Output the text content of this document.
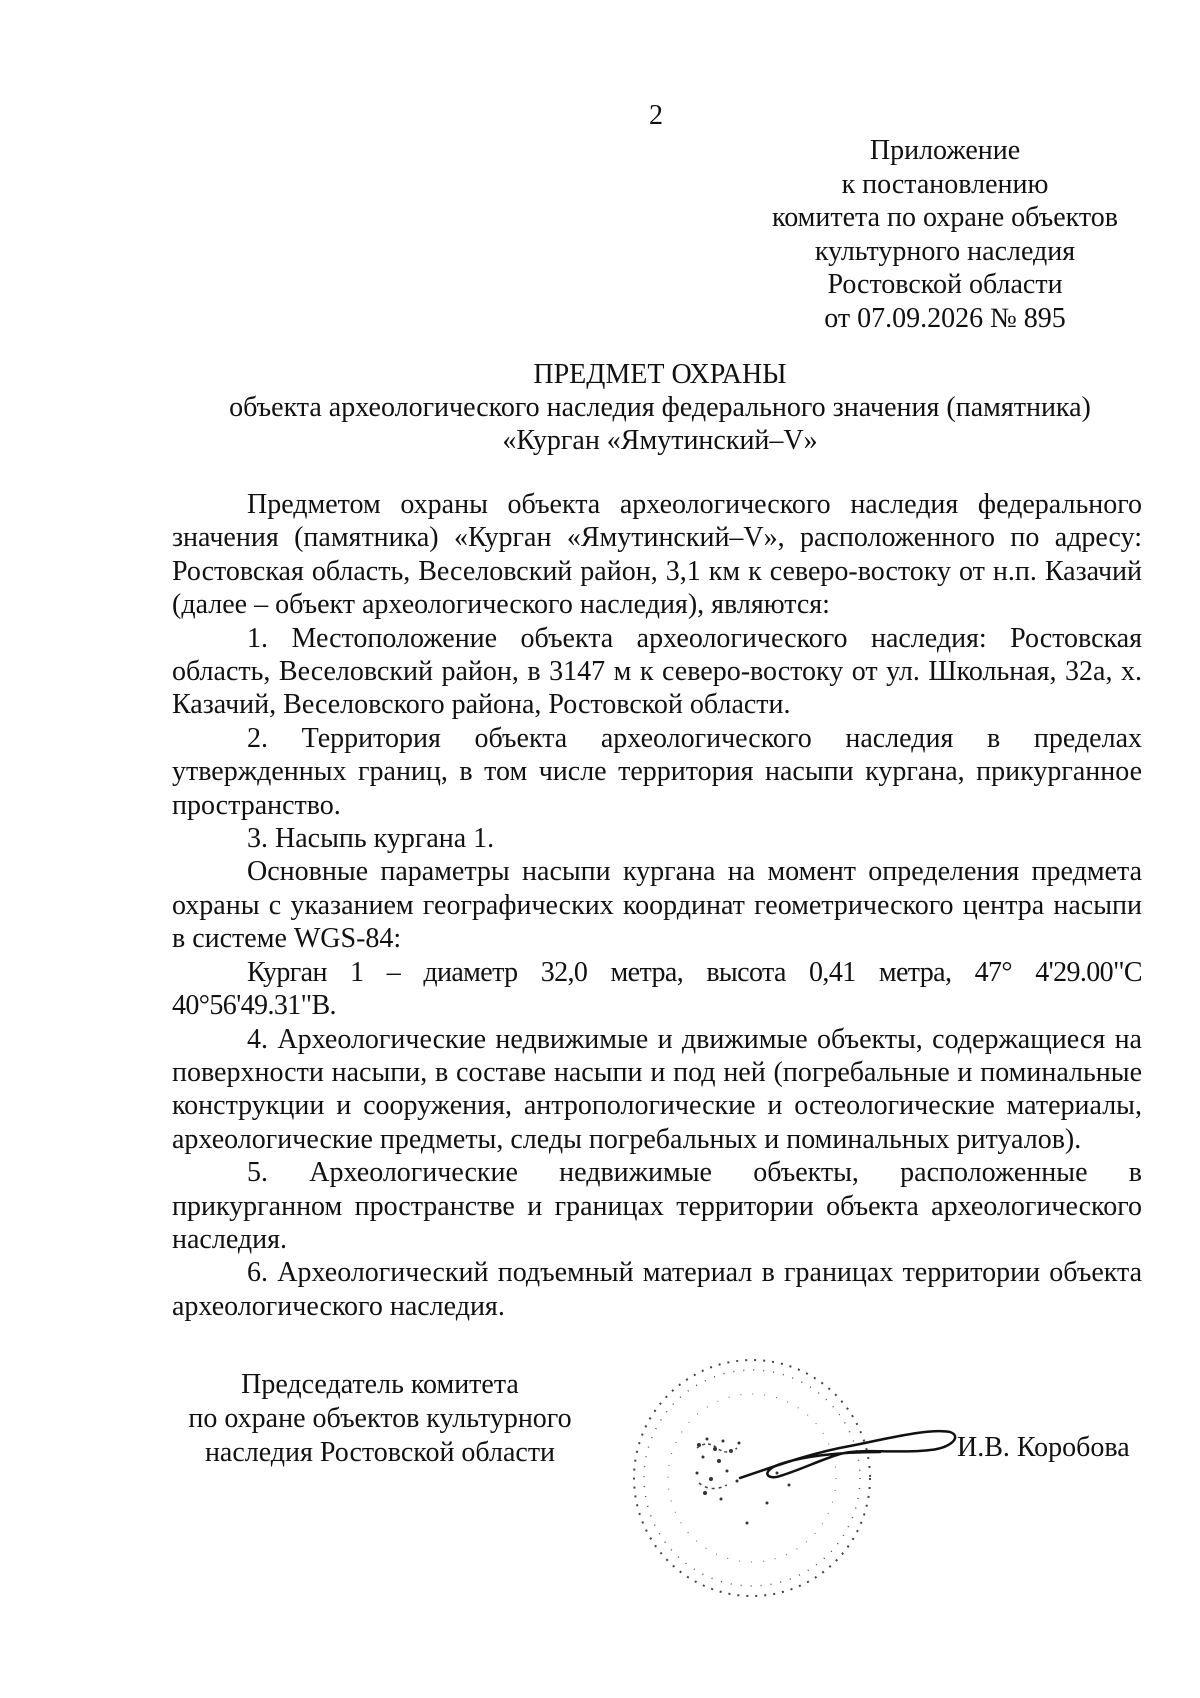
2
Приложение
к постановлению
комитета по охране объектов
культурного наследия
Ростовской области
от 07.09.2026 № 895
ПРЕДМЕТ ОХРАНЫ
объекта археологического наследия федерального значения (памятника)
«Курган «Ямутинский–V»

Предметом охраны объекта археологического наследия федерального значения (памятника) «Курган «Ямутинский–V», расположенного по адресу: Ростовская область, Веселовский район, 3,1 км к северо-востоку от н.п. Казачий (далее – объект археологического наследия), являются:

1. Местоположение объекта археологического наследия: Ростовская область, Веселовский район, в 3147 м к северо-востоку от ул. Школьная, 32а, х. Казачий, Веселовского района, Ростовской области.

2. Территория объекта археологического наследия в пределах утвержденных границ, в том числе территория насыпи кургана, прикурганное пространство.

3. Насыпь кургана 1.

Основные параметры насыпи кургана на момент определения предмета охраны с указанием географических координат геометрического центра насыпи в системе WGS-84:

Курган 1 – диаметр 32,0 метра, высота 0,41 метра, 47° 4'29.00"С 40°56'49.31"В.

4. Археологические недвижимые и движимые объекты, содержащиеся на поверхности насыпи, в составе насыпи и под ней (погребальные и поминальные конструкции и сооружения, антропологические и остеологические материалы, археологические предметы, следы погребальных и поминальных ритуалов).

5. Археологические недвижимые объекты, расположенные в прикурганном пространстве и границах территории объекта археологического наследия.

6. Археологический подъемный материал в границах территории объекта археологического наследия.

Председатель комитета
по охране объектов культурного
наследия Ростовской области	И.В. Коробова
